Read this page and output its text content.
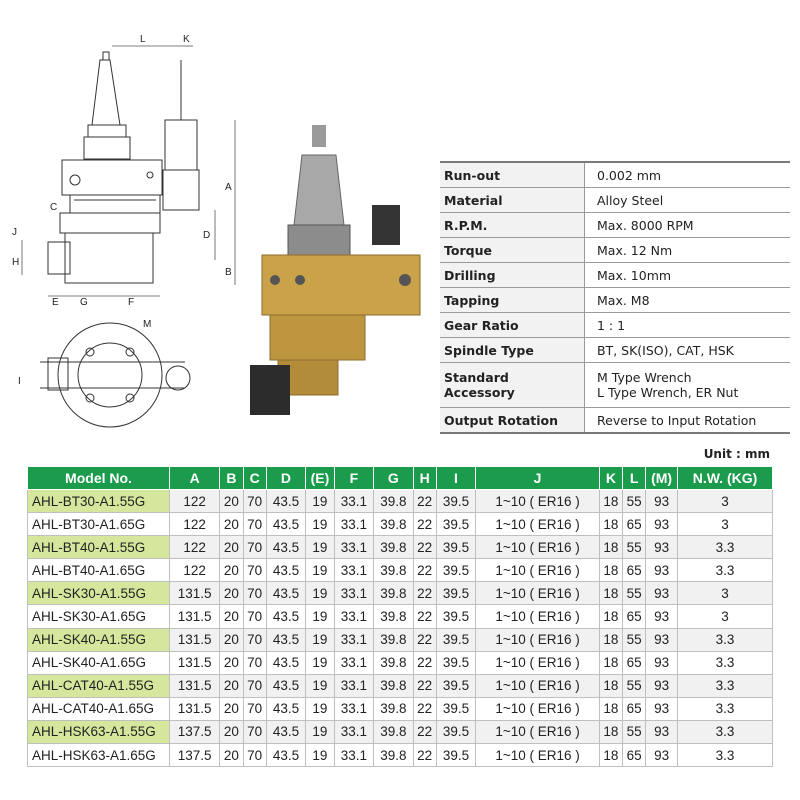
L	K
A
C
D
J
H
B
E G	F
M
I
Run-out	0.002 mm
Material	Alloy Steel
R.P.M.	Max. 8000 RPM
Torque	Max. 12 Nm
Drilling	Max. 10mm
Tapping	Max. M8
Gear Ratio	1 : 1
Spindle Type	BT, SK(ISO), CAT, HSK
Standard Accessory	M Type Wrench
L Type Wrench, ER Nut

Output Rotation	Reverse to Input Rotation
Unit : mm
Model No.	A	B	C	D	(E)	F	G	H	I	J	K	L	(M)	N.W. (KG)
AHL-BT30-A1.55G	122	20	70	43.5	19	33.1	39.8	22	39.5	1~10 ( ER16 )	18	55	93	3
AHL-BT30-A1.65G	122	20	70	43.5	19	33.1	39.8	22	39.5	1~10 ( ER16 )	18	65	93	3
AHL-BT40-A1.55G	122	20	70	43.5	19	33.1	39.8	22	39.5	1~10 ( ER16 )	18	55	93	3.3
AHL-BT40-A1.65G	122	20	70	43.5	19	33.1	39.8	22	39.5	1~10 ( ER16 )	18	65	93	3.3
AHL-SK30-A1.55G	131.5	20	70	43.5	19	33.1	39.8	22	39.5	1~10 ( ER16 )	18	55	93	3
AHL-SK30-A1.65G	131.5	20	70	43.5	19	33.1	39.8	22	39.5	1~10 ( ER16 )	18	65	93	3
AHL-SK40-A1.55G	131.5	20	70	43.5	19	33.1	39.8	22	39.5	1~10 ( ER16 )	18	55	93	3.3
AHL-SK40-A1.65G	131.5	20	70	43.5	19	33.1	39.8	22	39.5	1~10 ( ER16 )	18	65	93	3.3
AHL-CAT40-A1.55G	131.5	20	70	43.5	19	33.1	39.8	22	39.5	1~10 ( ER16 )	18	55	93	3.3
AHL-CAT40-A1.65G	131.5	20	70	43.5	19	33.1	39.8	22	39.5	1~10 ( ER16 )	18	65	93	3.3
AHL-HSK63-A1.55G	137.5	20	70	43.5	19	33.1	39.8	22	39.5	1~10 ( ER16 )	18	55	93	3.3
AHL-HSK63-A1.65G	137.5	20	70	43.5	19	33.1	39.8	22	39.5	1~10 ( ER16 )	18	65	93	3.3
